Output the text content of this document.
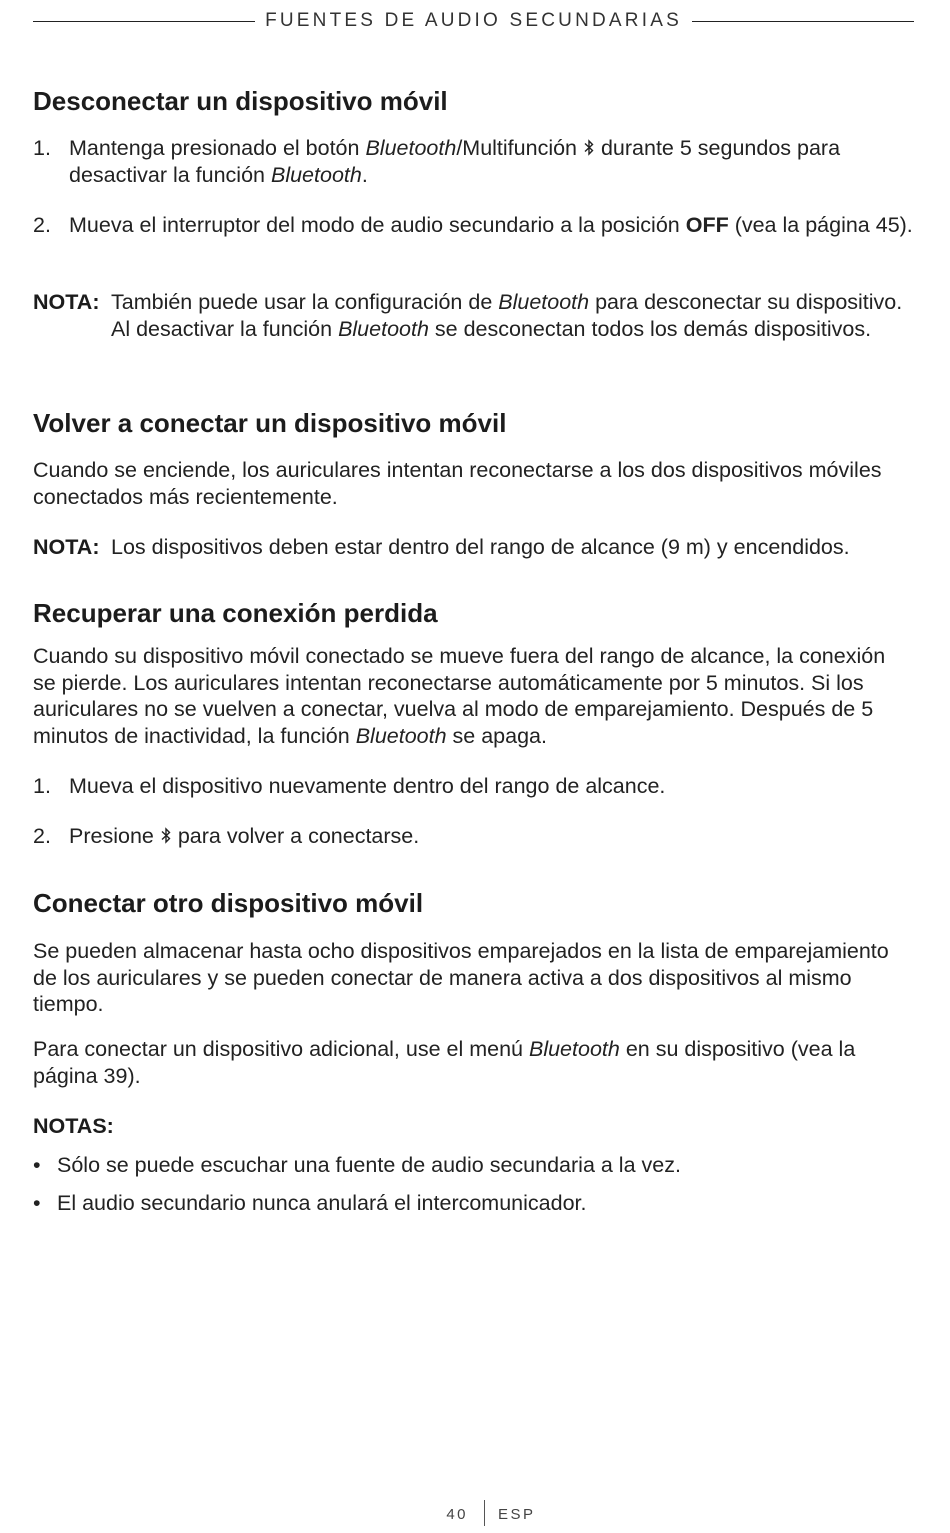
FUENTES DE AUDIO SECUNDARIAS
Desconectar un dispositivo móvil
1. Mantenga presionado el botón Bluetooth/Multifunción  durante 5 segundos para desactivar la función Bluetooth.

2. Mueva el interruptor del modo de audio secundario a la posición OFF (vea la página 45).

NOTA: También puede usar la configuración de Bluetooth para desconectar su dispositivo. Al desactivar la función Bluetooth se desconectan todos los demás dispositivos.

Volver a conectar un dispositivo móvil

Cuando se enciende, los auriculares intentan reconectarse a los dos dispositivos móviles conectados más recientemente.

NOTA: Los dispositivos deben estar dentro del rango de alcance (9 m) y encendidos.

Recuperar una conexión perdida

Cuando su dispositivo móvil conectado se mueve fuera del rango de alcance, la conexión se pierde. Los auriculares intentan reconectarse automáticamente por 5 minutos. Si los auriculares no se vuelven a conectar, vuelva al modo de emparejamiento. Después de 5 minutos de inactividad, la función Bluetooth se apaga.

1. Mueva el dispositivo nuevamente dentro del rango de alcance.

2. Presione  para volver a conectarse.

Conectar otro dispositivo móvil

Se pueden almacenar hasta ocho dispositivos emparejados en la lista de emparejamiento de los auriculares y se pueden conectar de manera activa a dos dispositivos al mismo tiempo.

Para conectar un dispositivo adicional, use el menú Bluetooth en su dispositivo (vea la página 39).

NOTAS:
• Sólo se puede escuchar una fuente de audio secundaria a la vez.

• El audio secundario nunca anulará el intercomunicador.

40 ESP
